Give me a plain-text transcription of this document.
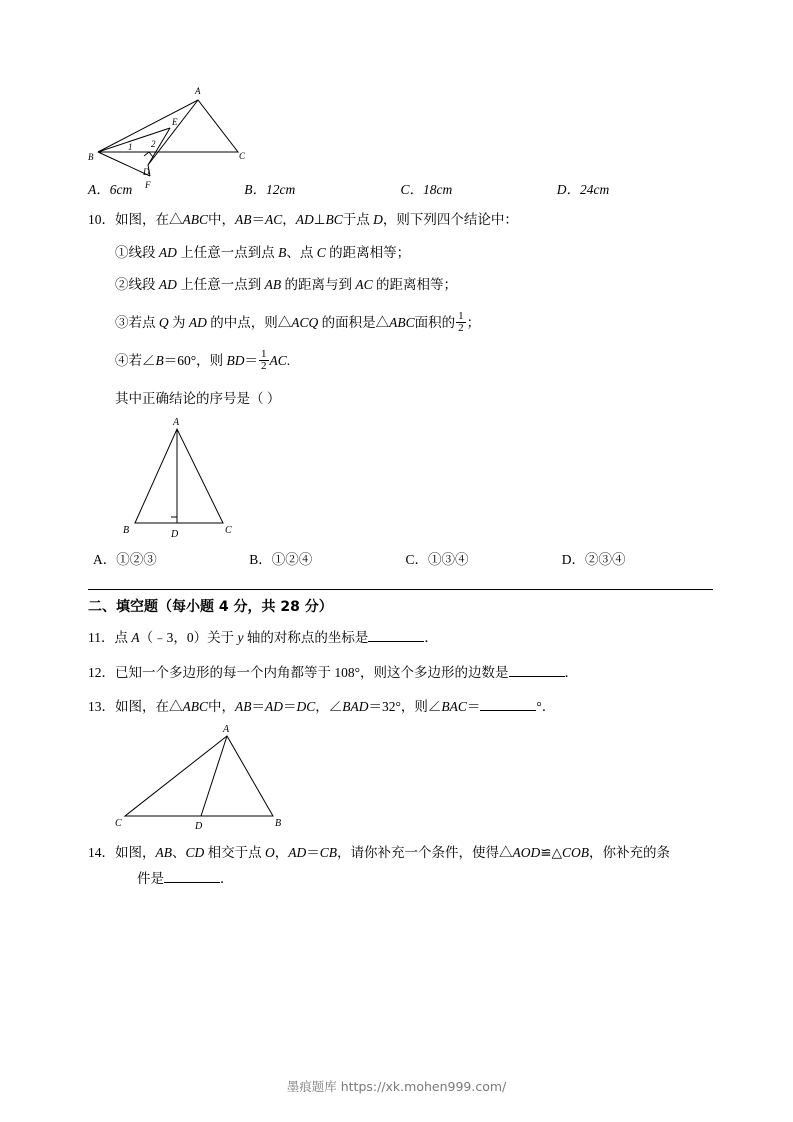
A
E
1 2
B
D
C
F
A．6cm	B．12cm	C．18cm	D．24cm
10． 如图，在△ABC中，AB＝AC，AD⊥BC于点 D，则下列四个结论中：
①线段 AD 上任意一点到点 B、点 C 的距离相等；
②线段 AD 上任意一点到 AB 的距离与到 AC 的距离相等；
③若点 Q 为 AD 的中点，则△ACQ 的面积是△ABC面积的 $\frac{1}{2}$ ；
④若∠B＝60°，则 $BD= \frac{1}{2}$ AC.
其中正确结论的序号是（ ）
A
B	D	C
A．①②③	B．①②④	C．①③④	D．②③④
二、填空题（每小题 4 分，共 28 分）
11． 点 A（﹣3，0）关于 y 轴的对称点的坐标是	．
12． 已知一个多边形的每一个内角都等于 108°，则这个多边形的边数是	．
13． 如图，在△ABC中，AB＝AD＝DC，∠BAD＝32°，则∠BAC＝	°．
A
C	D	B
14． 如图，AB、CD 相交于点 O，AD＝CB，请你补充一个条件，使得△AOD≌△COB，你补充的条
件是	．
墨痕题库 https://xk.mohen999.com/
